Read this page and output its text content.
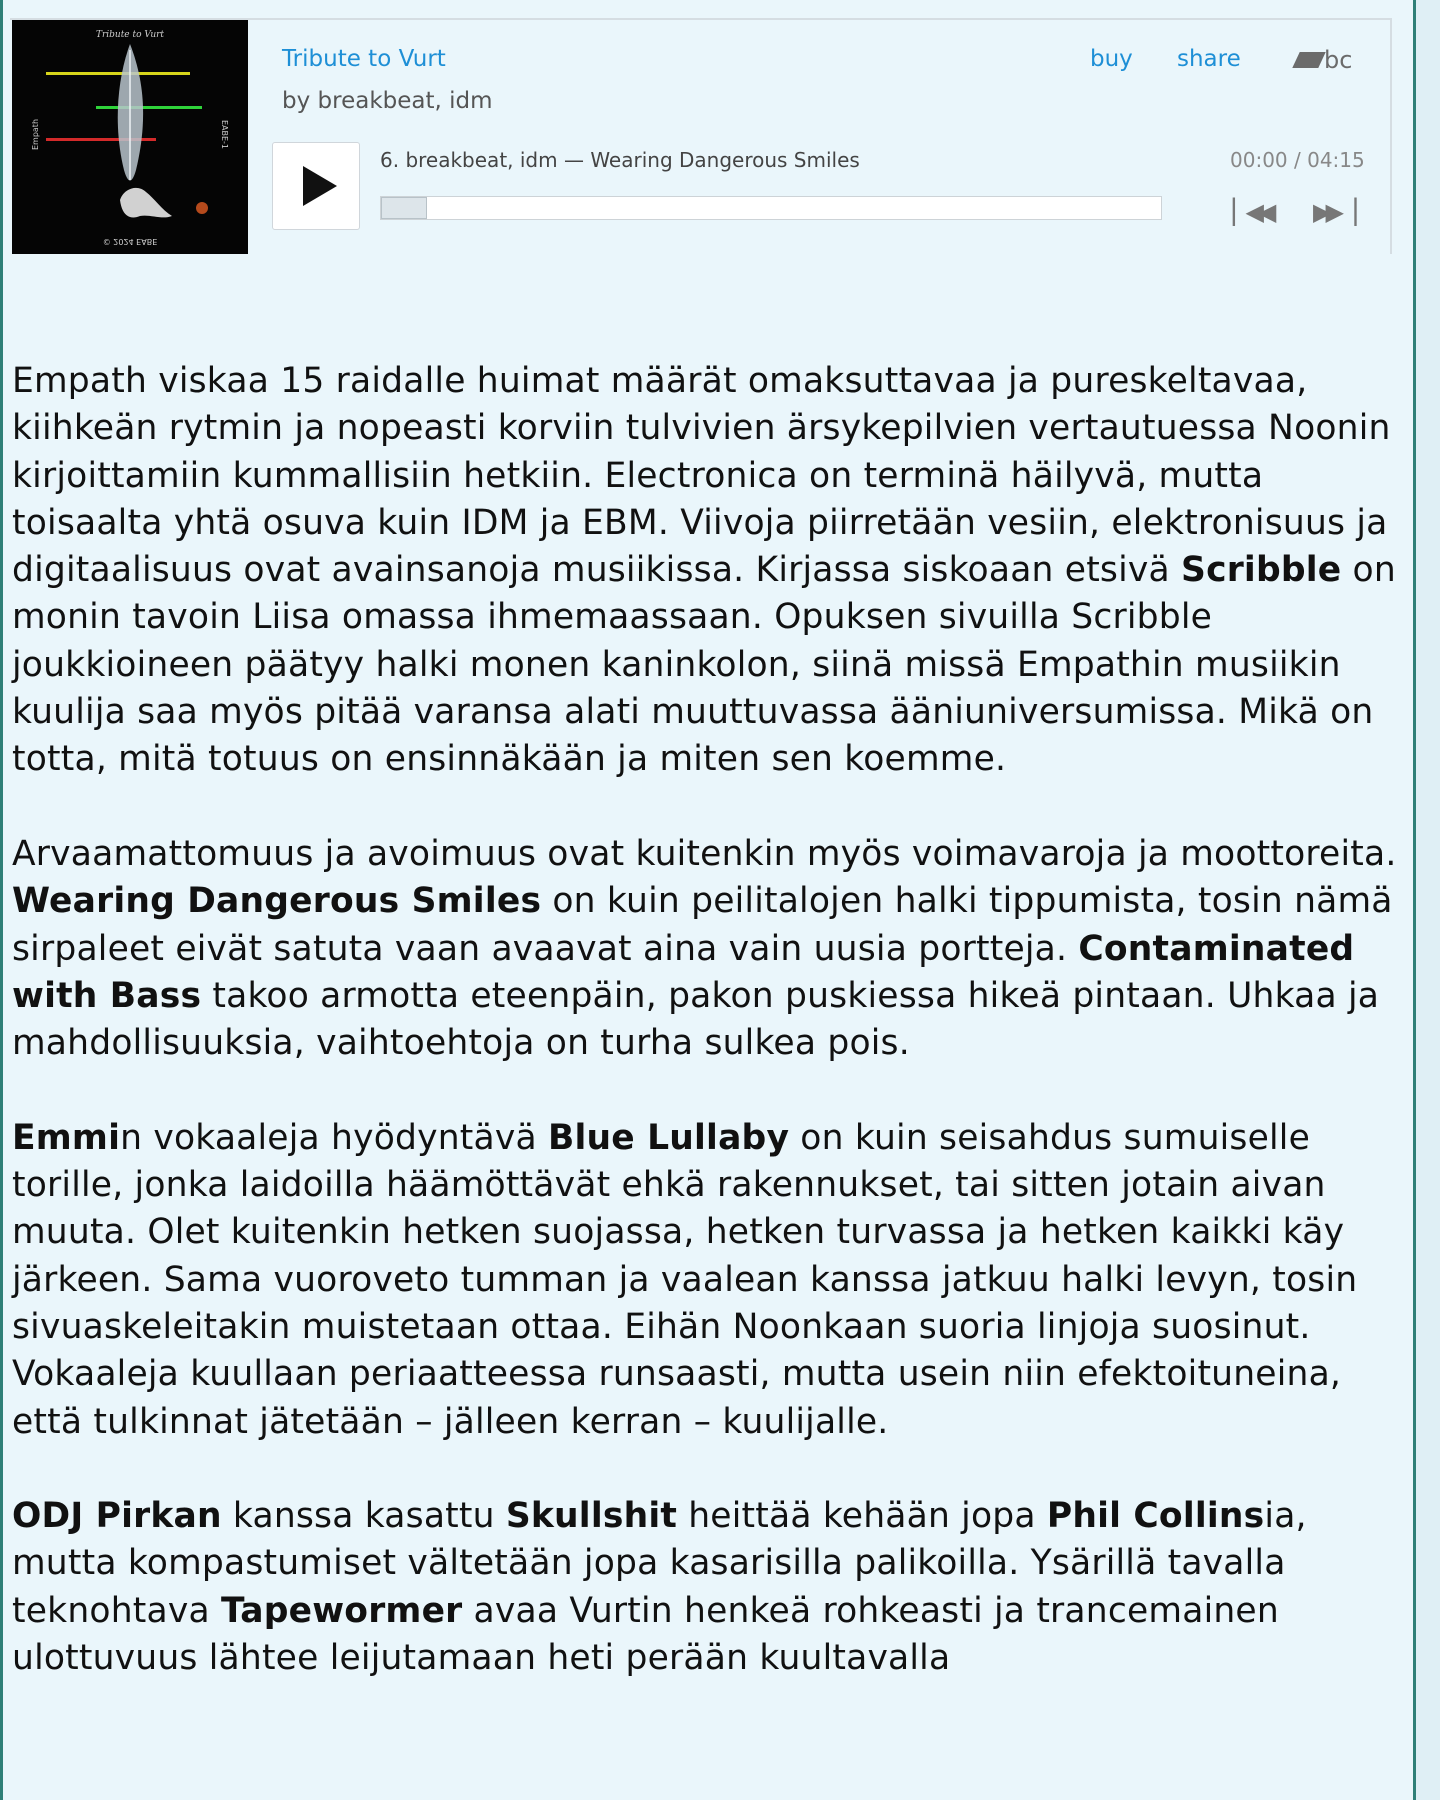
Tribute to Vurt
Empath	EABE-1
© 2024 EABE
Tribute to Vurt
by breakbeat, idm
buy share	bc
6. breakbeat, idm — Wearing Dangerous Smiles	00:00 / 04:15
▏◀◀ ▶▶▕

Empath viskaa 15 raidalle huimat määrät omaksuttavaa ja pureskeltavaa, kiihkeän rytmin ja nopeasti korviin tulvivien ärsykepilvien vertautuessa Noonin kirjoittamiin kummallisiin hetkiin. Electronica on terminä häilyvä, mutta toisaalta yhtä osuva kuin IDM ja EBM. Viivoja piirretään vesiin, elektronisuus ja digitaalisuus ovat avainsanoja musiikissa. Kirjassa siskoaan etsivä Scribble on monin tavoin Liisa omassa ihmemaassaan. Opuksen sivuilla Scribble joukkioineen päätyy halki monen kaninkolon, siinä missä Empathin musiikin kuulija saa myös pitää varansa alati muuttuvassa ääniuniversumissa. Mikä on totta, mitä totuus on ensinnäkään ja miten sen koemme.

Arvaamattomuus ja avoimuus ovat kuitenkin myös voimavaroja ja moottoreita. Wearing Dangerous Smiles on kuin peilitalojen halki tippumista, tosin nämä sirpaleet eivät satuta vaan avaavat aina vain uusia portteja. Contaminated with Bass takoo armotta eteenpäin, pakon puskiessa hikeä pintaan. Uhkaa ja mahdollisuuksia, vaihtoehtoja on turha sulkea pois.

Emmin vokaaleja hyödyntävä Blue Lullaby on kuin seisahdus sumuiselle torille, jonka laidoilla häämöttävät ehkä rakennukset, tai sitten jotain aivan muuta. Olet kuitenkin hetken suojassa, hetken turvassa ja hetken kaikki käy järkeen. Sama vuoroveto tumman ja vaalean kanssa jatkuu halki levyn, tosin sivuaskeleitakin muistetaan ottaa. Eihän Noonkaan suoria linjoja suosinut. Vokaaleja kuullaan periaatteessa runsaasti, mutta usein niin efektoituneina, että tulkinnat jätetään – jälleen kerran – kuulijalle.

ODJ Pirkan kanssa kasattu Skullshit heittää kehään jopa Phil Collinsia, mutta kompastumiset vältetään jopa kasarisilla palikoilla. Ysärillä tavalla teknohtava Tapewormer avaa Vurtin henkeä rohkeasti ja trancemainen ulottuvuus lähtee leijutamaan heti perään kuultavalla
